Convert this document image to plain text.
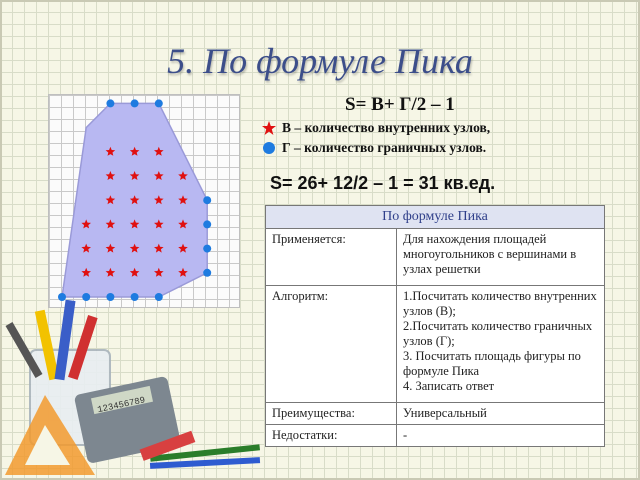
5. По формуле Пика
S= В+ Г/2 – 1
В – количество внутренних узлов,
Г – количество граничных узлов.
S= 26+ 12/2 – 1 = 31 кв.ед.
По формуле Пика	
Применяется:	Для нахождения площадей многоугольников с вершинами в узлах решетки
Алгоритм:	1.Посчитать количество внутренних узлов (В);
2.Посчитать количество граничных узлов (Г);
3. Посчитать площадь фигуры по формуле Пика
4. Записать ответ

Преимущества:	Универсальный
Недостатки:	-
123456789
